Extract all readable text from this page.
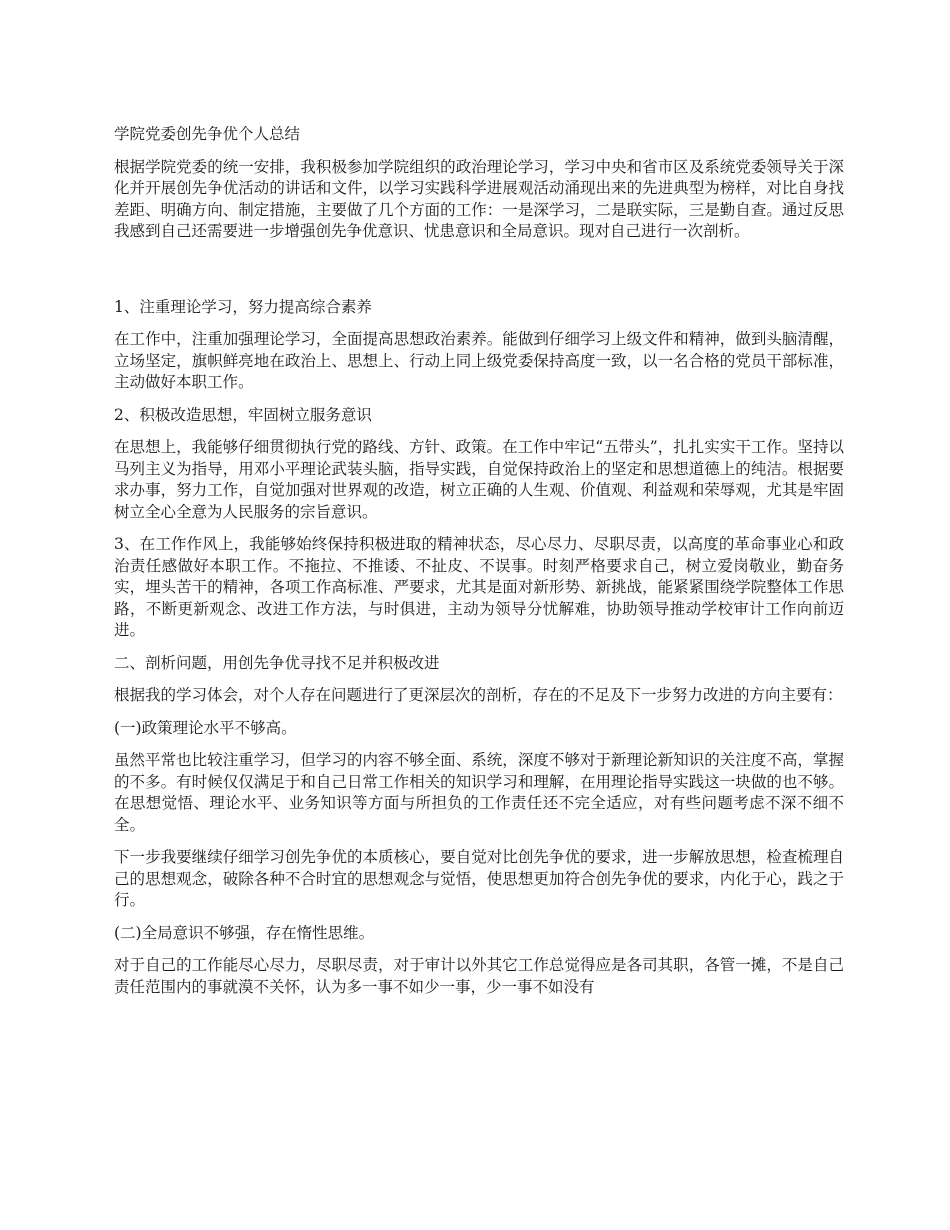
学院党委创先争优个人总结

根据学院党委的统一安排，我积极参加学院组织的政治理论学习，学习中央和省市区及系统党委领导关于深化并开展创先争优活动的讲话和文件，以学习实践科学进展观活动涌现出来的先进典型为榜样，对比自身找差距、明确方向、制定措施，主要做了几个方面的工作：一是深学习，二是联实际，三是勤自查。通过反思我感到自己还需要进一步增强创先争优意识、忧患意识和全局意识。现对自己进行一次剖析。

1、注重理论学习，努力提高综合素养

在工作中，注重加强理论学习，全面提高思想政治素养。能做到仔细学习上级文件和精神，做到头脑清醒，立场坚定，旗帜鲜亮地在政治上、思想上、行动上同上级党委保持高度一致，以一名合格的党员干部标准，主动做好本职工作。

2、积极改造思想，牢固树立服务意识

在思想上，我能够仔细贯彻执行党的路线、方针、政策。在工作中牢记“五带头”，扎扎实实干工作。坚持以马列主义为指导，用邓小平理论武装头脑，指导实践，自觉保持政治上的坚定和思想道德上的纯洁。根据要求办事，努力工作，自觉加强对世界观的改造，树立正确的人生观、价值观、利益观和荣辱观，尤其是牢固树立全心全意为人民服务的宗旨意识。

3、在工作作风上，我能够始终保持积极进取的精神状态，尽心尽力、尽职尽责，以高度的革命事业心和政治责任感做好本职工作。不拖拉、不推诿、不扯皮、不误事。时刻严格要求自己，树立爱岗敬业，勤奋务实，埋头苦干的精神，各项工作高标准、严要求，尤其是面对新形势、新挑战，能紧紧围绕学院整体工作思路，不断更新观念、改进工作方法，与时俱进，主动为领导分忧解难，协助领导推动学校审计工作向前迈进。

二、剖析问题，用创先争优寻找不足并积极改进

根据我的学习体会，对个人存在问题进行了更深层次的剖析，存在的不足及下一步努力改进的方向主要有：

(一)政策理论水平不够高。

虽然平常也比较注重学习，但学习的内容不够全面、系统，深度不够对于新理论新知识的关注度不高，掌握的不多。有时候仅仅满足于和自己日常工作相关的知识学习和理解，在用理论指导实践这一块做的也不够。在思想觉悟、理论水平、业务知识等方面与所担负的工作责任还不完全适应，对有些问题考虑不深不细不全。

下一步我要继续仔细学习创先争优的本质核心，要自觉对比创先争优的要求，进一步解放思想，检查梳理自己的思想观念，破除各种不合时宜的思想观念与觉悟，使思想更加符合创先争优的要求，内化于心，践之于行。

(二)全局意识不够强，存在惰性思维。

对于自己的工作能尽心尽力，尽职尽责，对于审计以外其它工作总觉得应是各司其职，各管一摊，不是自己责任范围内的事就漠不关怀，认为多一事不如少一事，少一事不如没有
